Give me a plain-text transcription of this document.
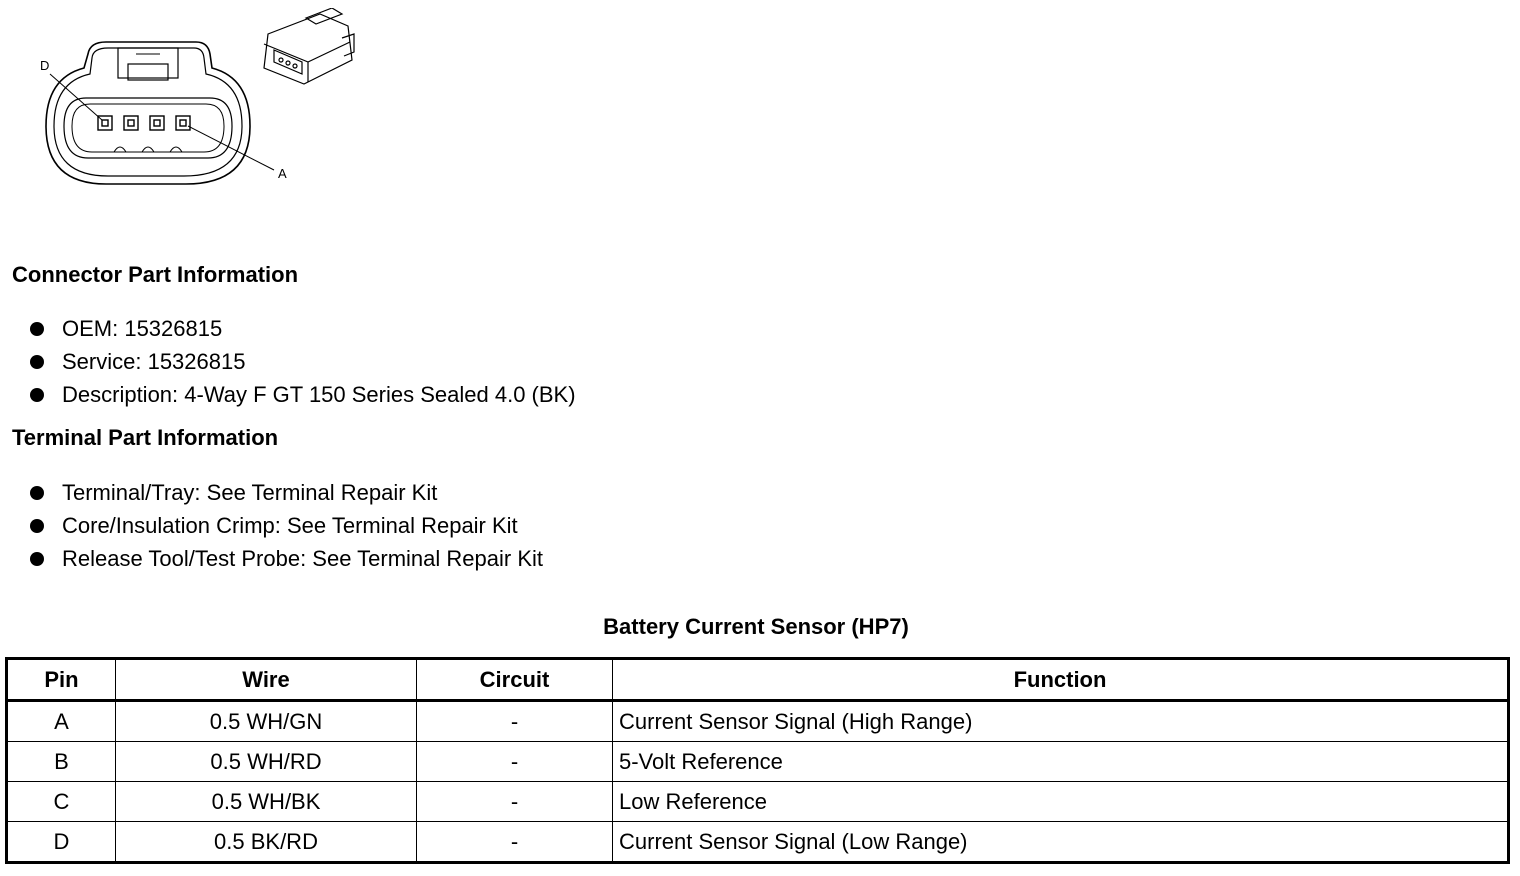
D
A
Connector Part Information
OEM: 15326815
Service: 15326815
Description: 4-Way F GT 150 Series Sealed 4.0 (BK)
Terminal Part Information
Terminal/Tray: See Terminal Repair Kit
Core/Insulation Crimp: See Terminal Repair Kit
Release Tool/Test Probe: See Terminal Repair Kit
Battery Current Sensor (HP7)
Pin	Wire	Circuit	Function
A	0.5 WH/GN	-	Current Sensor Signal (High Range)
B	0.5 WH/RD	-	5-Volt Reference
C	0.5 WH/BK	-	Low Reference
D	0.5 BK/RD	-	Current Sensor Signal (Low Range)
